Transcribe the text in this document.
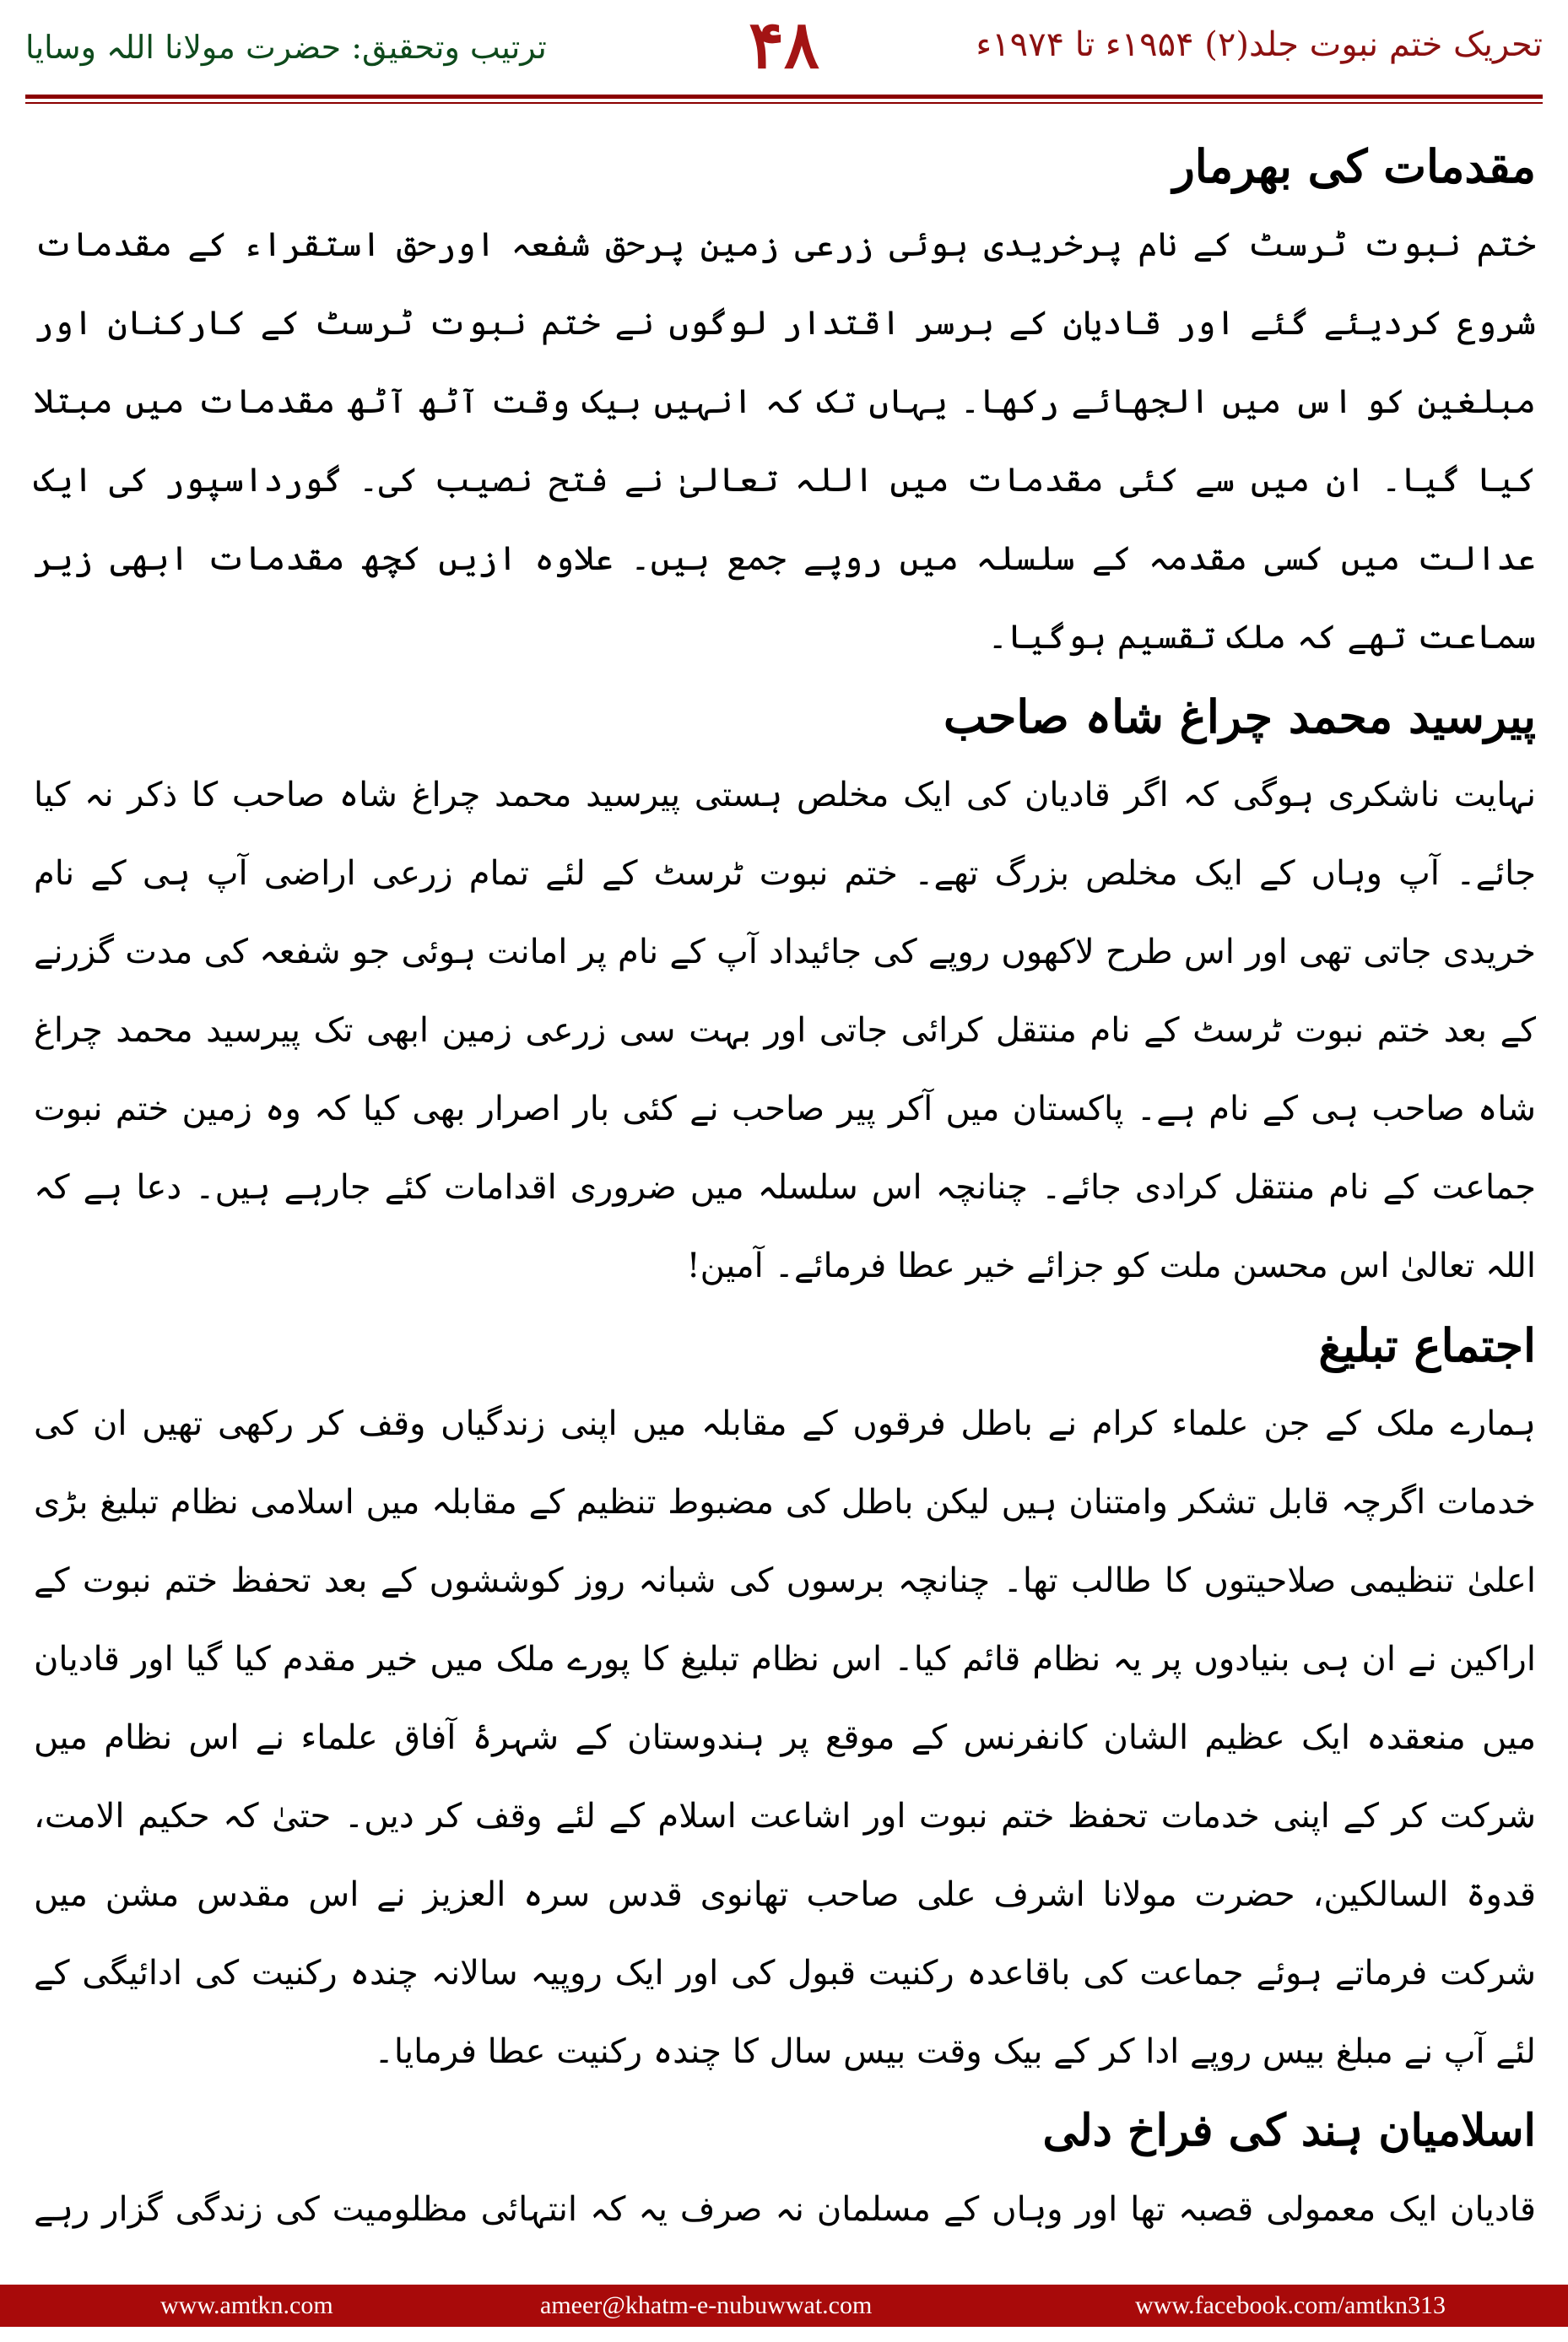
تحریک ختم نبوت جلد(۲) ۱۹۵۴ء تا ۱۹۷۴ء
۴۸
ترتیب وتحقیق: حضرت مولانا اللہ وسایا
مقدمات کی بھرمار

ختم نبوت ٹرسٹ کے نام پرخریدی ہوئی زرعی زمین پرحق شفعہ اورحق استقراء کے مقدمات شروع کردیئے گئے اور قادیان کے برسر اقتدار لوگوں نے ختم نبوت ٹرسٹ کے کارکنان اور مبلغین کو اس میں الجھائے رکھا۔ یہاں تک کہ انہیں بیک وقت آٹھ آٹھ مقدمات میں مبتلا کیا گیا۔ ان میں سے کئی مقدمات میں اللہ تعالیٰ نے فتح نصیب کی۔ گورداسپور کی ایک عدالت میں کسی مقدمہ کے سلسلہ میں روپے جمع ہیں۔ علاوہ ازیں کچھ مقدمات ابھی زیر سماعت تھے کہ ملک تقسیم ہوگیا۔

پیرسید محمد چراغ شاہ صاحب

نہایت ناشکری ہوگی کہ اگر قادیان کی ایک مخلص ہستی پیرسید محمد چراغ شاہ صاحب کا ذکر نہ کیا جائے۔ آپ وہاں کے ایک مخلص بزرگ تھے۔ ختم نبوت ٹرسٹ کے لئے تمام زرعی اراضی آپ ہی کے نام خریدی جاتی تھی اور اس طرح لاکھوں روپے کی جائیداد آپ کے نام پر امانت ہوئی جو شفعہ کی مدت گزرنے کے بعد ختم نبوت ٹرسٹ کے نام منتقل کرائی جاتی اور بہت سی زرعی زمین ابھی تک پیرسید محمد چراغ شاہ صاحب ہی کے نام ہے۔ پاکستان میں آکر پیر صاحب نے کئی بار اصرار بھی کیا کہ وہ زمین ختم نبوت جماعت کے نام منتقل کرادی جائے۔ چنانچہ اس سلسلہ میں ضروری اقدامات کئے جارہے ہیں۔ دعا ہے کہ اللہ تعالیٰ اس محسن ملت کو جزائے خیر عطا فرمائے۔ آمین!

اجتماع تبلیغ

ہمارے ملک کے جن علماء کرام نے باطل فرقوں کے مقابلہ میں اپنی زندگیاں وقف کر رکھی تھیں ان کی خدمات اگرچہ قابل تشکر وامتنان ہیں لیکن باطل کی مضبوط تنظیم کے مقابلہ میں اسلامی نظام تبلیغ بڑی اعلیٰ تنظیمی صلاحیتوں کا طالب تھا۔ چنانچہ برسوں کی شبانہ روز کوششوں کے بعد تحفظ ختم نبوت کے اراکین نے ان ہی بنیادوں پر یہ نظام قائم کیا۔ اس نظام تبلیغ کا پورے ملک میں خیر مقدم کیا گیا اور قادیان میں منعقدہ ایک عظیم الشان کانفرنس کے موقع پر ہندوستان کے شہرۂ آفاق علماء نے اس نظام میں شرکت کر کے اپنی خدمات تحفظ ختم نبوت اور اشاعت اسلام کے لئے وقف کر دیں۔ حتیٰ کہ حکیم الامت، قدوۃ السالکین، حضرت مولانا اشرف علی صاحب تھانوی قدس سرہ العزیز نے اس مقدس مشن میں شرکت فرماتے ہوئے جماعت کی باقاعدہ رکنیت قبول کی اور ایک روپیہ سالانہ چندہ رکنیت کی ادائیگی کے لئے آپ نے مبلغ بیس روپے ادا کر کے بیک وقت بیس سال کا چندہ رکنیت عطا فرمایا۔

اسلامیان ہند کی فراخ دلی

قادیان ایک معمولی قصبہ تھا اور وہاں کے مسلمان نہ صرف یہ کہ انتہائی مظلومیت کی زندگی گزار رہے

www.amtkn.com	ameer@khatm-e-nubuwwat.com	www.facebook.com/amtkn313
